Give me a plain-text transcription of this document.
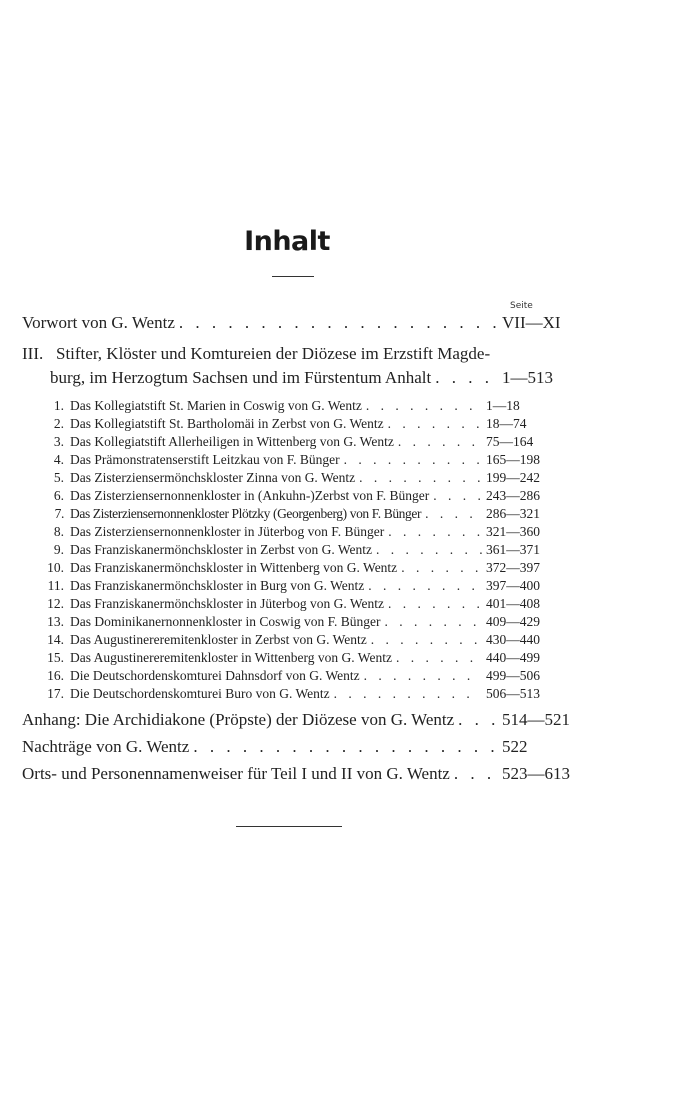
Inhalt
Seite
Vorwort von G. Wentz . . .	VII—XI
III. Stifter, Klöster und Komtureien der Diözese im Erzstift Magde-
burg, im Herzogtum Sachsen und im Fürstentum Anhalt . . .	1—513
1. Das Kollegiatstift St. Marien in Coswig von G. Wentz . . .	1—18
2. Das Kollegiatstift St. Bartholomäi in Zerbst von G. Wentz . . .	18—74
3. Das Kollegiatstift Allerheiligen in Wittenberg von G. Wentz . . .	75—164
4. Das Prämonstratenserstift Leitzkau von F. Bünger . . .	165—198
5. Das Zisterziensermönchskloster Zinna von G. Wentz . . .	199—242
6. Das Zisterziensernonnenkloster in (Ankuhn-)Zerbst von F. Bünger . . .	243—286
7. Das Zisterziensernonnenkloster Plötzky (Georgenberg) von F. Bünger . . .	286—321
8. Das Zisterziensernonnenkloster in Jüterbog von F. Bünger . . .	321—360
9. Das Franziskanermönchskloster in Zerbst von G. Wentz . . .	361—371
10. Das Franziskanermönchskloster in Wittenberg von G. Wentz . . .	372—397
11. Das Franziskanermönchskloster in Burg von G. Wentz . . .	397—400
12. Das Franziskanermönchskloster in Jüterbog von G. Wentz . . .	401—408
13. Das Dominikanernonnenkloster in Coswig von F. Bünger . . .	409—429
14. Das Augustinereremitenkloster in Zerbst von G. Wentz . . .	430—440
15. Das Augustinereremitenkloster in Wittenberg von G. Wentz . . .	440—499
16. Die Deutschordenskomturei Dahnsdorf von G. Wentz . . .	499—506
17. Die Deutschordenskomturei Buro von G. Wentz . . .	506—513
Anhang: Die Archidiakone (Pröpste) der Diözese von G. Wentz . . .	514—521
Nachträge von G. Wentz . . .	522
Orts- und Personennamenweiser für Teil I und II von G. Wentz . . .	523—613
